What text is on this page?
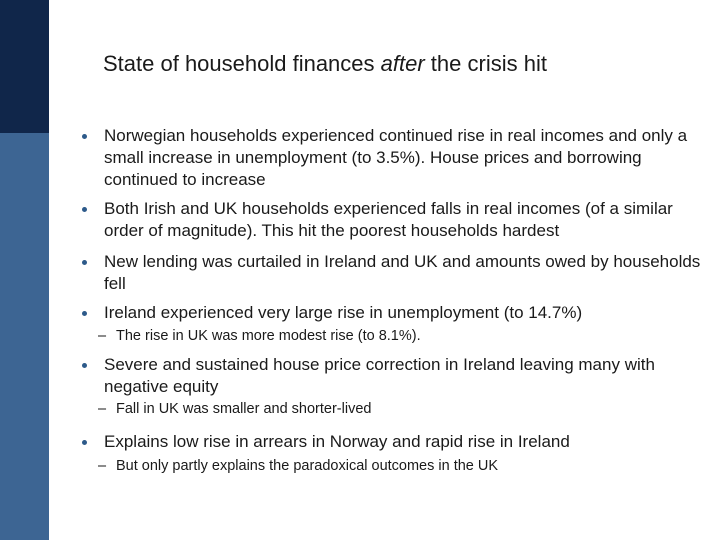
State of household finances after the crisis hit
Norwegian households experienced continued rise in real incomes and only a small increase in unemployment (to 3.5%). House prices and borrowing continued to increase
Both Irish and UK households experienced falls in real incomes (of a similar order of magnitude). This hit the poorest households hardest
New lending was curtailed in Ireland and UK and amounts owed by households fell
Ireland experienced very large rise in unemployment (to 14.7%)
– The rise in UK was more modest rise (to 8.1%).
Severe and sustained house price correction in Ireland leaving many with negative equity
– Fall in UK was smaller and shorter-lived
Explains low rise in arrears in Norway and rapid rise in Ireland
– But only partly explains the paradoxical outcomes in the UK
